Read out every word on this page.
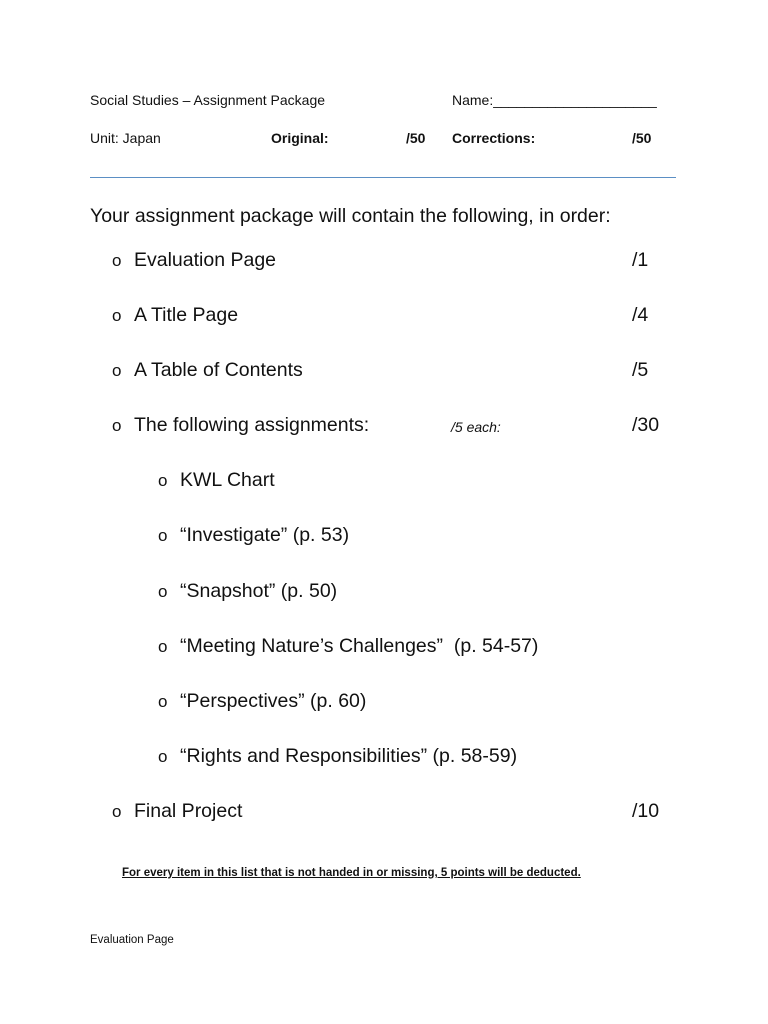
Social Studies – Assignment Package	Name:_____________________
Unit: Japan	Original:	/50 Corrections:	/50
Your assignment package will contain the following, in order:
o Evaluation Page	/1
o A Title Page	/4
o A Table of Contents	/5
o The following assignments:	/5 each:	/30
o KWL Chart
o “Investigate” (p. 53)
o “Snapshot” (p. 50)
o “Meeting Nature’s Challenges”  (p. 54-57)
o “Perspectives” (p. 60)
o “Rights and Responsibilities” (p. 58-59)
o Final Project	/10
For every item in this list that is not handed in or missing, 5 points will be deducted.
Evaluation Page
